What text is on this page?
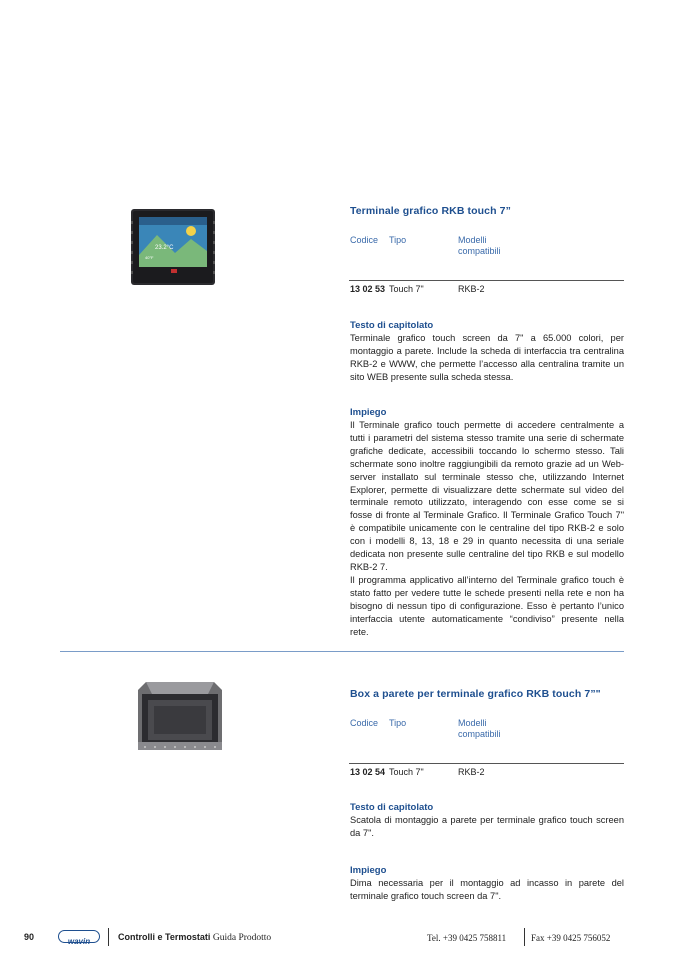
23.2°C
40°F
Terminale grafico RKB touch 7”
Codice Tipo	Modelli compatibili
13 02 53 Touch 7"	RKB-2
Testo di capitolato
Terminale grafico touch screen da 7" a 65.000 colori, per montaggio a parete. Include la scheda di interfaccia tra centralina RKB-2 e WWW, che permette l’accesso alla centralina tramite un sito WEB presente sulla scheda stessa.
Impiego
Il Terminale grafico touch permette di accedere centralmente a tutti i parametri del sistema stesso tramite una serie di schermate grafiche dedicate, accessibili toccando lo schermo stesso. Tali schermate sono inoltre raggiungibili da remoto grazie ad un Web-server installato sul terminale stesso che, utilizzando Internet Explorer, permette di visualizzare dette schermate sul video del terminale remoto utilizzato, interagendo con esse come se si fosse di fronte al Terminale Grafico. Il Terminale Grafico Touch 7" è compatibile unicamente con le centraline del tipo RKB-2 e solo con i modelli 8, 13, 18 e 29 in quanto necessita di una seriale dedicata non presente sulle centraline del tipo RKB e sul modello RKB-2 7.
Il programma applicativo all’interno del Terminale grafico touch è stato fatto per vedere tutte le schede presenti nella rete e non ha bisogno di nessun tipo di configurazione. Esso è pertanto l’unico interfaccia utente automaticamente “condiviso” presente nella rete.
Box a parete per terminale grafico RKB touch 7”"
Codice Tipo	Modelli compatibili
13 02 54 Touch 7"	RKB-2
Testo di capitolato
Scatola di montaggio a parete per terminale grafico touch screen da 7".
Impiego
Dima necessaria per il montaggio ad incasso in parete del terminale grafico touch screen da 7".
90	wavin	Controlli e Termostati Guida Prodotto	Tel. +39 0425 758811	Fax +39 0425 756052
